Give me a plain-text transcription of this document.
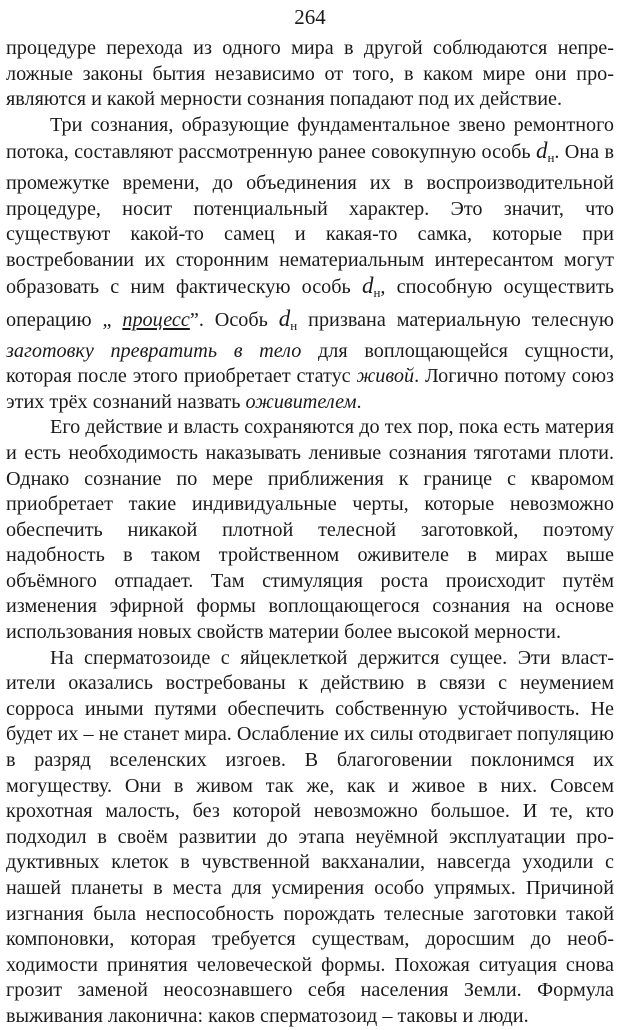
264

процедуре перехода из одного мира в другой соблюдаются непреложные законы бытия независимо от того, в каком мире они проявляются и какой мерности сознания попадают под их действие.

Три сознания, образующие фундаментальное звено ремонтного потока, составляют рассмотренную ранее совокупную особь $d_н$. Она в промежутке времени, до объединения их в воспроизводительной процедуре, носит потенциальный характер. Это значит, что существуют какой-то самец и какая-то самка, которые при востребовании их сторонним нематериальным интересантом могут образовать с ним фактическую особь $d_н$, способную осуществить операцию „ процесс”. Особь $d_н$ призвана материальную телесную заготовку превратить в тело для воплощающейся сущности, которая после этого приобретает статус живой. Логично потому союз этих трёх сознаний назвать оживителем.

Его действие и власть сохраняются до тех пор, пока есть материя и есть необходимость наказывать ленивые сознания тяготами плоти. Однако сознание по мере приближения к границе с кваромом приобретает такие индивидуальные черты, которые невозможно обеспечить никакой плотной телесной заготовкой, поэтому надобность в таком тройственном оживителе в мирах выше объёмного отпадает. Там стимуляция роста происходит путём изменения эфирной формы воплощающегося сознания на основе использования новых свойств материи более высокой мерности.

На сперматозоиде с яйцеклеткой держится сущее. Эти властители оказались востребованы к действию в связи с неумением сорроса иными путями обеспечить собственную устойчивость. Не будет их – не станет мира. Ослабление их силы отодвигает популяцию в разряд вселенских изгоев. В благоговении поклонимся их могуществу. Они в живом так же, как и живое в них. Совсем крохотная малость, без которой невозможно большое. И те, кто подходил в своём развитии до этапа неуёмной эксплуатации продуктивных клеток в чувственной вакханалии, навсегда уходили с нашей планеты в места для усмирения особо упрямых. Причиной изгнания была неспособность порождать телесные заготовки такой компоновки, которая требуется существам, доросшим до необходимости принятия человеческой формы. Похожая ситуация снова грозит заменой неосознавшего себя населения Земли. Формула выживания лаконична: каков сперматозоид – таковы и люди.
